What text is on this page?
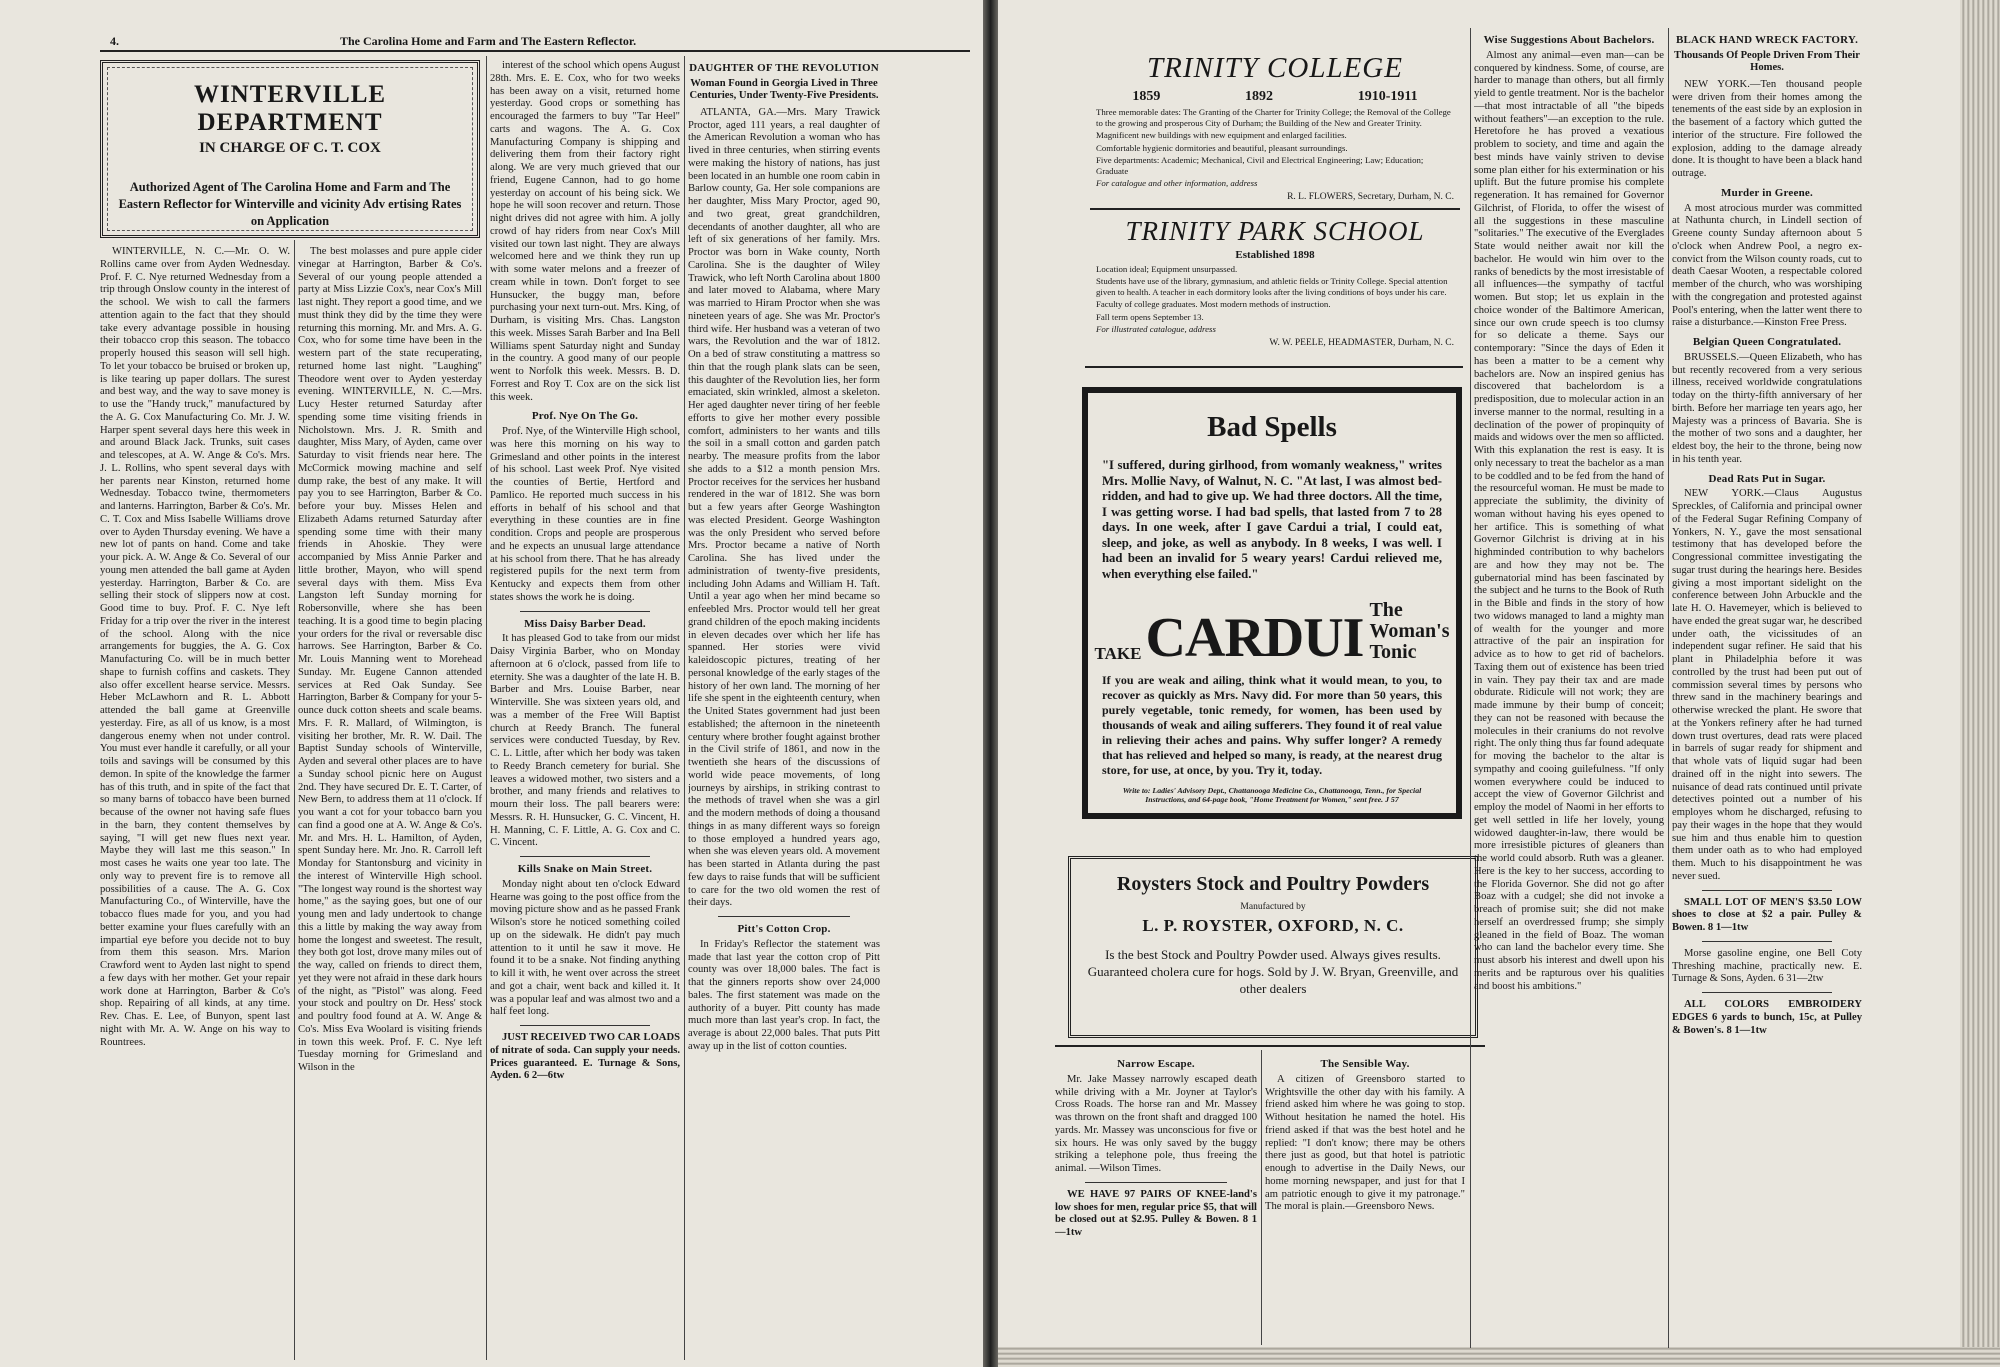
4.	The Carolina Home and Farm and The Eastern Reflector.
WINTERVILLE DEPARTMENT
IN CHARGE OF C. T. COX
Authorized Agent of The Carolina Home and Farm and The Eastern Reflector for Winterville and vicinity Adv ertising Rates on Application

WINTERVILLE, N. C.—Mr. O. W. Rollins came over from Ayden Wednesday. Prof. F. C. Nye returned Wednesday from a trip through Onslow county in the interest of the school. We wish to call the farmers attention again to the fact that they should take every advantage possible in housing their tobacco crop this season. The tobacco properly housed this season will sell high. To let your tobacco be bruised or broken up, is like tearing up paper dollars. The surest and best way, and the way to save money is to use the "Handy truck," manufactured by the A. G. Cox Manufacturing Co. Mr. J. W. Harper spent several days here this week in and around Black Jack. Trunks, suit cases and telescopes, at A. W. Ange & Co's. Mrs. J. L. Rollins, who spent several days with her parents near Kinston, returned home Wednesday. Tobacco twine, thermometers and lanterns. Harrington, Barber & Co's. Mr. C. T. Cox and Miss Isabelle Williams drove over to Ayden Thursday evening. We have a new lot of pants on hand. Come and take your pick. A. W. Ange & Co. Several of our young men attended the ball game at Ayden yesterday. Harrington, Barber & Co. are selling their stock of slippers now at cost. Good time to buy. Prof. F. C. Nye left Friday for a trip over the river in the interest of the school. Along with the nice arrangements for buggies, the A. G. Cox Manufacturing Co. will be in much better shape to furnish coffins and caskets. They also offer excellent hearse service. Messrs. Heber McLawhorn and R. L. Abbott attended the ball game at Greenville yesterday. Fire, as all of us know, is a most dangerous enemy when not under control. You must ever handle it carefully, or all your toils and savings will be consumed by this demon. In spite of the knowledge the farmer has of this truth, and in spite of the fact that so many barns of tobacco have been burned because of the owner not having safe flues in the barn, they content themselves by saying, "I will get new flues next year. Maybe they will last me this season." In most cases he waits one year too late. The only way to prevent fire is to remove all possibilities of a cause. The A. G. Cox Manufacturing Co., of Winterville, have the tobacco flues made for you, and you had better examine your flues carefully with an impartial eye before you decide not to buy from them this season. Mrs. Marion Crawford went to Ayden last night to spend a few days with her mother. Get your repair work done at Harrington, Barber & Co's shop. Repairing of all kinds, at any time. Rev. Chas. E. Lee, of Bunyon, spent last night with Mr. A. W. Ange on his way to Rountrees.

The best molasses and pure apple cider vinegar at Harrington, Barber & Co's. Several of our young people attended a party at Miss Lizzie Cox's, near Cox's Mill last night. They report a good time, and we must think they did by the time they were returning this morning. Mr. and Mrs. A. G. Cox, who for some time have been in the western part of the state recuperating, returned home last night. "Laughing" Theodore went over to Ayden yesterday evening. WINTERVILLE, N. C.—Mrs. Lucy Hester returned Saturday after spending some time visiting friends in Nicholstown. Mrs. J. R. Smith and daughter, Miss Mary, of Ayden, came over Saturday to visit friends near here. The McCormick mowing machine and self dump rake, the best of any make. It will pay you to see Harrington, Barber & Co. before your buy. Misses Helen and Elizabeth Adams returned Saturday after spending some time with their many friends in Ahoskie. They were accompanied by Miss Annie Parker and little brother, Mayon, who will spend several days with them. Miss Eva Langston left Sunday morning for Robersonville, where she has been teaching. It is a good time to begin placing your orders for the rival or reversable disc harrows. See Harrington, Barber & Co. Mr. Louis Manning went to Morehead Sunday. Mr. Eugene Cannon attended services at Red Oak Sunday. See Harrington, Barber & Company for your 5-ounce duck cotton sheets and scale beams. Mrs. F. R. Mallard, of Wilmington, is visiting her brother, Mr. R. W. Dail. The Baptist Sunday schools of Winterville, Ayden and several other places are to have a Sunday school picnic here on August 2nd. They have secured Dr. E. T. Carter, of New Bern, to address them at 11 o'clock. If you want a cot for your tobacco barn you can find a good one at A. W. Ange & Co's. Mr. and Mrs. H. L. Hamilton, of Ayden, spent Sunday here. Mr. Jno. R. Carroll left Monday for Stantonsburg and vicinity in the interest of Winterville High school. "The longest way round is the shortest way home," as the saying goes, but one of our young men and lady undertook to change this a little by making the way away from home the longest and sweetest. The result, they both got lost, drove many miles out of the way, called on friends to direct them, yet they were not afraid in these dark hours of the night, as "Pistol" was along. Feed your stock and poultry on Dr. Hess' stock and poultry food found at A. W. Ange & Co's. Miss Eva Woolard is visiting friends in town this week. Prof. F. C. Nye left Tuesday morning for Grimesland and Wilson in the

interest of the school which opens August 28th. Mrs. E. E. Cox, who for two weeks has been away on a visit, returned home yesterday. Good crops or something has encouraged the farmers to buy "Tar Heel" carts and wagons. The A. G. Cox Manufacturing Company is shipping and delivering them from their factory right along. We are very much grieved that our friend, Eugene Cannon, had to go home yesterday on account of his being sick. We hope he will soon recover and return. Those night drives did not agree with him. A jolly crowd of hay riders from near Cox's Mill visited our town last night. They are always welcomed here and we think they run up with some water melons and a freezer of cream while in town. Don't forget to see Hunsucker, the buggy man, before purchasing your next turn-out. Mrs. King, of Durham, is visiting Mrs. Chas. Langston this week. Misses Sarah Barber and Ina Bell Williams spent Saturday night and Sunday in the country. A good many of our people went to Norfolk this week. Messrs. B. D. Forrest and Roy T. Cox are on the sick list this week.

Prof. Nye On The Go.

Prof. Nye, of the Winterville High school, was here this morning on his way to Grimesland and other points in the interest of his school. Last week Prof. Nye visited the counties of Bertie, Hertford and Pamlico. He reported much success in his efforts in behalf of his school and that everything in these counties are in fine condition. Crops and people are prosperous and he expects an unusual large attendance at his school from there. That he has already registered pupils for the next term from Kentucky and expects them from other states shows the work he is doing.

Miss Daisy Barber Dead.

It has pleased God to take from our midst Daisy Virginia Barber, who on Monday afternoon at 6 o'clock, passed from life to eternity. She was a daughter of the late H. B. Barber and Mrs. Louise Barber, near Winterville. She was sixteen years old, and was a member of the Free Will Baptist church at Reedy Branch. The funeral services were conducted Tuesday, by Rev. C. L. Little, after which her body was taken to Reedy Branch cemetery for burial. She leaves a widowed mother, two sisters and a brother, and many friends and relatives to mourn their loss. The pall bearers were: Messrs. R. H. Hunsucker, G. C. Vincent, H. H. Manning, C. F. Little, A. G. Cox and C. C. Vincent.

Kills Snake on Main Street.

Monday night about ten o'clock Edward Hearne was going to the post office from the moving picture show and as he passed Frank Wilson's store he noticed something coiled up on the sidewalk. He didn't pay much attention to it until he saw it move. He found it to be a snake. Not finding anything to kill it with, he went over across the street and got a chair, went back and killed it. It was a popular leaf and was almost two and a half feet long.

JUST RECEIVED TWO CAR LOADS of nitrate of soda. Can supply your needs. Prices guaranteed. E. Turnage & Sons, Ayden. 6 2—6tw

DAUGHTER OF THE REVOLUTION
Woman Found in Georgia Lived in Three Centuries, Under Twenty-Five Presidents.

ATLANTA, GA.—Mrs. Mary Trawick Proctor, aged 111 years, a real daughter of the American Revolution a woman who has lived in three centuries, when stirring events were making the history of nations, has just been located in an humble one room cabin in Barlow county, Ga. Her sole companions are her daughter, Miss Mary Proctor, aged 90, and two great, great grandchildren, decendants of another daughter, all who are left of six generations of her family. Mrs. Proctor was born in Wake county, North Carolina. She is the daughter of Wiley Trawick, who left North Carolina about 1800 and later moved to Alabama, where Mary was married to Hiram Proctor when she was nineteen years of age. She was Mr. Proctor's third wife. Her husband was a veteran of two wars, the Revolution and the war of 1812. On a bed of straw constituting a mattress so thin that the rough plank slats can be seen, this daughter of the Revolution lies, her form emaciated, skin wrinkled, almost a skeleton. Her aged daughter never tiring of her feeble efforts to give her mother every possible comfort, administers to her wants and tills the soil in a small cotton and garden patch nearby. The measure profits from the labor she adds to a $12 a month pension Mrs. Proctor receives for the services her husband rendered in the war of 1812. She was born but a few years after George Washington was elected President. George Washington was the only President who served before Mrs. Proctor became a native of North Carolina. She has lived under the administration of twenty-five presidents, including John Adams and William H. Taft. Until a year ago when her mind became so enfeebled Mrs. Proctor would tell her great grand children of the epoch making incidents in eleven decades over which her life has spanned. Her stories were vivid kaleidoscopic pictures, treating of her personal knowledge of the early stages of the history of her own land. The morning of her life she spent in the eighteenth century, when the United States government had just been established; the afternoon in the nineteenth century where brother fought against brother in the Civil strife of 1861, and now in the twentieth she hears of the discussions of world wide peace movements, of long journeys by airships, in striking contrast to the methods of travel when she was a girl and the modern methods of doing a thousand things in as many different ways so foreign to those employed a hundred years ago, when she was eleven years old. A movement has been started in Atlanta during the past few days to raise funds that will be sufficient to care for the two old women the rest of their days.

Pitt's Cotton Crop.

In Friday's Reflector the statement was made that last year the cotton crop of Pitt county was over 18,000 bales. The fact is that the ginners reports show over 24,000 bales. The first statement was made on the authority of a buyer. Pitt county has made much more than last year's crop. In fact, the average is about 22,000 bales. That puts Pitt away up in the list of cotton counties.

TRINITY COLLEGE
1859	1892	1910-1911
Three memorable dates: The Granting of the Charter for Trinity College; the Removal of the College to the growing and prosperous City of Durham; the Building of the New and Greater Trinity.
Magnificent new buildings with new equipment and enlarged facilities.
Comfortable hygienic dormitories and beautiful, pleasant surroundings.
Five departments: Academic; Mechanical, Civil and Electrical Engineering; Law; Education; Graduate
For catalogue and other information, address
R. L. FLOWERS, Secretary, Durham, N. C.
TRINITY PARK SCHOOL
Established 1898
Location ideal; Equipment unsurpassed.
Students have use of the library, gymnasium, and athletic fields or Trinity College. Special attention given to health. A teacher in each dormitory looks after the living conditions of boys under his care.
Faculty of college graduates. Most modern methods of instruction.
Fall term opens September 13.
For illustrated catalogue, address
W. W. PEELE, HEADMASTER, Durham, N. C.
Bad Spells
"I suffered, during girlhood, from womanly weakness," writes Mrs. Mollie Navy, of Walnut, N. C. "At last, I was almost bed-ridden, and had to give up. We had three doctors. All the time, I was getting worse. I had bad spells, that lasted from 7 to 28 days. In one week, after I gave Cardui a trial, I could eat, sleep, and joke, as well as anybody. In 8 weeks, I was well. I had been an invalid for 5 weary years! Cardui relieved me, when everything else failed."
TAKE CARDUI The
Woman's Tonic
If you are weak and ailing, think what it would mean, to you, to recover as quickly as Mrs. Navy did. For more than 50 years, this purely vegetable, tonic remedy, for women, has been used by thousands of weak and ailing sufferers. They found it of real value in relieving their aches and pains. Why suffer longer? A remedy that has relieved and helped so many, is ready, at the nearest drug store, for use, at once, by you. Try it, today.
Write to: Ladies' Advisory Dept., Chattanooga Medicine Co., Chattanooga, Tenn., for Special Instructions, and 64-page book, "Home Treatment for Women," sent free. J 57
Roysters Stock and Poultry Powders
Manufactured by
L. P. ROYSTER, OXFORD, N. C.
Is the best Stock and Poultry Powder used. Always gives results. Guaranteed cholera cure for hogs. Sold by J. W. Bryan, Greenville, and other dealers
Narrow Escape.

Mr. Jake Massey narrowly escaped death while driving with a Mr. Joyner at Taylor's Cross Roads. The horse ran and Mr. Massey was thrown on the front shaft and dragged 100 yards. Mr. Massey was unconscious for five or six hours. He was only saved by the buggy striking a telephone pole, thus freeing the animal. —Wilson Times.

WE HAVE 97 PAIRS OF KNEE-land's low shoes for men, regular price $5, that will be closed out at $2.95. Pulley & Bowen. 8 1—1tw

The Sensible Way.

A citizen of Greensboro started to Wrightsville the other day with his family. A friend asked him where he was going to stop. Without hesitation he named the hotel. His friend asked if that was the best hotel and he replied: "I don't know; there may be others there just as good, but that hotel is patriotic enough to advertise in the Daily News, our home morning newspaper, and just for that I am patriotic enough to give it my patronage." The moral is plain.—Greensboro News.

Wise Suggestions About Bachelors.

Almost any animal—even man—can be conquered by kindness. Some, of course, are harder to manage than others, but all firmly yield to gentle treatment. Nor is the bachelor—that most intractable of all "the bipeds without feathers"—an exception to the rule. Heretofore he has proved a vexatious problem to society, and time and again the best minds have vainly striven to devise some plan either for his extermination or his uplift. But the future promise his complete regeneration. It has remained for Governor Gilchrist, of Florida, to offer the wisest of all the suggestions in these masculine "solitaries." The executive of the Everglades State would neither await nor kill the bachelor. He would win him over to the ranks of benedicts by the most irresistable of all influences—the sympathy of tactful women. But stop; let us explain in the choice wonder of the Baltimore American, since our own crude speech is too clumsy for so delicate a theme. Says our contemporary: "Since the days of Eden it has been a matter to be a cement why bachelors are. Now an inspired genius has discovered that bachelordom is a predisposition, due to molecular action in an inverse manner to the normal, resulting in a declination of the power of propinquity of maids and widows over the men so afflicted. With this explanation the rest is easy. It is only necessary to treat the bachelor as a man to be coddled and to be fed from the hand of the resourceful woman. He must be made to appreciate the sublimity, the divinity of woman without having his eyes opened to her artifice. This is something of what Governor Gilchrist is driving at in his highminded contribution to why bachelors are and how they may not be. The gubernatorial mind has been fascinated by the subject and he turns to the Book of Ruth in the Bible and finds in the story of how two widows managed to land a mighty man of wealth for the younger and more attractive of the pair an inspiration for advice as to how to get rid of bachelors. Taxing them out of existence has been tried in vain. They pay their tax and are made obdurate. Ridicule will not work; they are made immune by their bump of conceit; they can not be reasoned with because the molecules in their craniums do not revolve right. The only thing thus far found adequate for moving the bachelor to the altar is sympathy and cooing guilefulness. "If only women everywhere could be induced to accept the view of Governor Gilchrist and employ the model of Naomi in her efforts to get well settled in life her lovely, young widowed daughter-in-law, there would be more irresistible pictures of gleaners than the world could absorb. Ruth was a gleaner. Here is the key to her success, according to the Florida Governor. She did not go after Boaz with a cudgel; she did not invoke a breach of promise suit; she did not make herself an overdressed frump; she simply gleaned in the field of Boaz. The woman who can land the bachelor every time. She must absorb his interest and dwell upon his merits and be rapturous over his qualities and boost his ambitions."

BLACK HAND WRECK FACTORY.
Thousands Of People Driven From Their Homes.

NEW YORK.—Ten thousand people were driven from their homes among the tenements of the east side by an explosion in the basement of a factory which gutted the interior of the structure. Fire followed the explosion, adding to the damage already done. It is thought to have been a black hand outrage.

Murder in Greene.

A most atrocious murder was committed at Nathunta church, in Lindell section of Greene county Sunday afternoon about 5 o'clock when Andrew Pool, a negro ex-convict from the Wilson county roads, cut to death Caesar Wooten, a respectable colored member of the church, who was worshiping with the congregation and protested against Pool's entering, when the latter went there to raise a disturbance.—Kinston Free Press.

Belgian Queen Congratulated.

BRUSSELS.—Queen Elizabeth, who has but recently recovered from a very serious illness, received worldwide congratulations today on the thirty-fifth anniversary of her birth. Before her marriage ten years ago, her Majesty was a princess of Bavaria. She is the mother of two sons and a daughter, her eldest boy, the heir to the throne, being now in his tenth year.

Dead Rats Put in Sugar.

NEW YORK.—Claus Augustus Spreckles, of California and principal owner of the Federal Sugar Refining Company of Yonkers, N. Y., gave the most sensational testimony that has developed before the Congressional committee investigating the sugar trust during the hearings here. Besides giving a most important sidelight on the conference between John Arbuckle and the late H. O. Havemeyer, which is believed to have ended the great sugar war, he described under oath, the vicissitudes of an independent sugar refiner. He said that his plant in Philadelphia before it was controlled by the trust had been put out of commission several times by persons who threw sand in the machinery bearings and otherwise wrecked the plant. He swore that at the Yonkers refinery after he had turned down trust overtures, dead rats were placed in barrels of sugar ready for shipment and that whole vats of liquid sugar had been drained off in the night into sewers. The nuisance of dead rats continued until private detectives pointed out a number of his employes whom he discharged, refusing to pay their wages in the hope that they would sue him and thus enable him to question them under oath as to who had employed them. Much to his disappointment he was never sued.

SMALL LOT OF MEN'S $3.50 LOW shoes to close at $2 a pair. Pulley & Bowen. 8 1—1tw

Morse gasoline engine, one Bell Coty Threshing machine, practically new. E. Turnage & Sons, Ayden. 6 31—2tw

ALL COLORS EMBROIDERY EDGES 6 yards to bunch, 15c, at Pulley & Bowen's. 8 1—1tw
